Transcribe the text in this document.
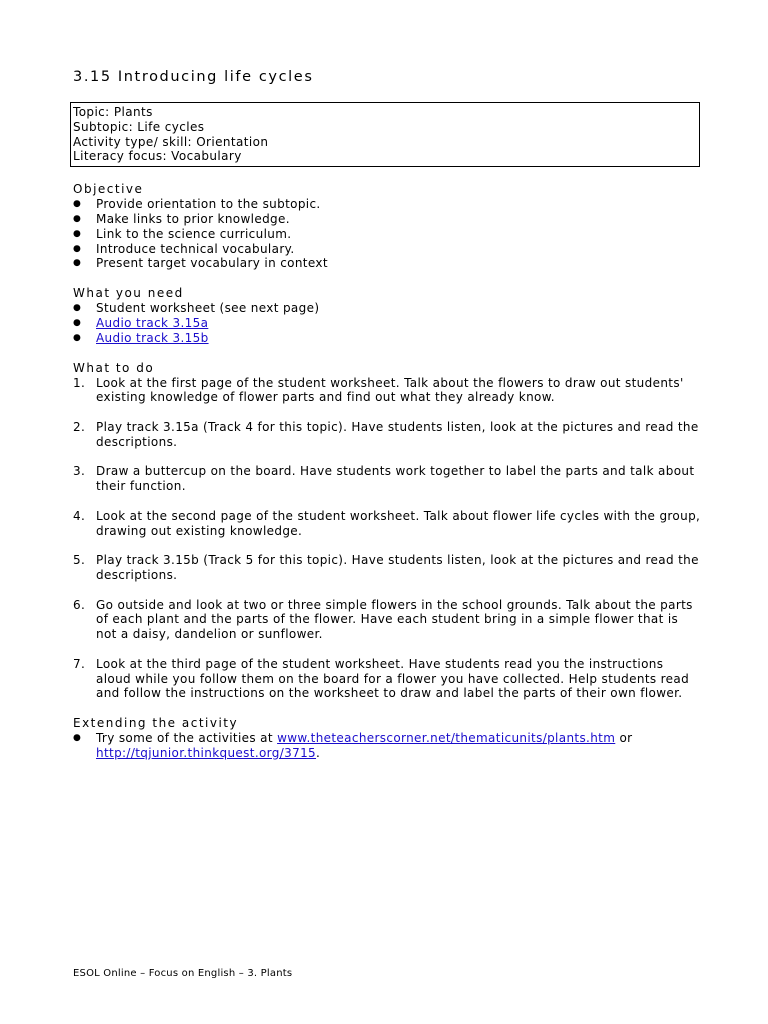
3.15 Introducing life cycles
Topic: Plants
Subtopic: Life cycles
Activity type/ skill: Orientation
Literacy focus: Vocabulary
Objective
● Provide orientation to the subtopic.
● Make links to prior knowledge.
● Link to the science curriculum.
● Introduce technical vocabulary.
● Present target vocabulary in context
What you need
● Student worksheet (see next page)
● Audio track 3.15a
● Audio track 3.15b
What to do
1. Look at the first page of the student worksheet. Talk about the flowers to draw out students' existing knowledge of flower parts and find out what they already know.
2. Play track 3.15a (Track 4 for this topic). Have students listen, look at the pictures and read the descriptions.
3. Draw a buttercup on the board. Have students work together to label the parts and talk about their function.
4. Look at the second page of the student worksheet. Talk about flower life cycles with the group, drawing out existing knowledge.
5. Play track 3.15b (Track 5 for this topic). Have students listen, look at the pictures and read the descriptions.
6. Go outside and look at two or three simple flowers in the school grounds. Talk about the parts of each plant and the parts of the flower. Have each student bring in a simple flower that is not a daisy, dandelion or sunflower.
7. Look at the third page of the student worksheet. Have students read you the instructions aloud while you follow them on the board for a flower you have collected. Help students read and follow the instructions on the worksheet to draw and label the parts of their own flower.
Extending the activity
● Try some of the activities at www.theteacherscorner.net/thematicunits/plants.htm or
http://tqjunior.thinkquest.org/3715.
ESOL Online – Focus on English – 3. Plants
